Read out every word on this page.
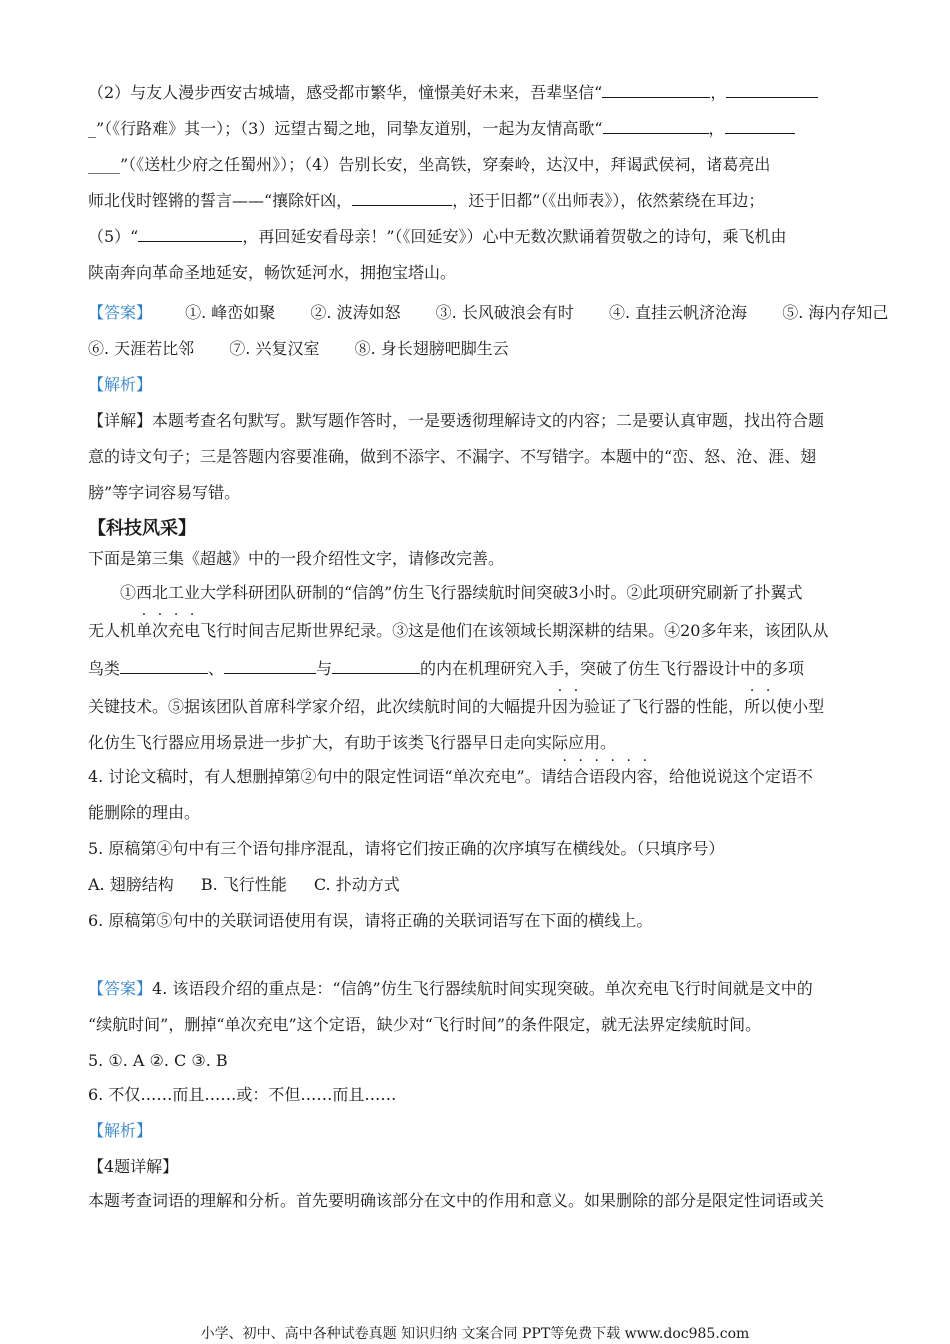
（2）与友人漫步西安古城墙，感受都市繁华，憧憬美好未来，吾辈坚信“	，
_”（《行路难》其一）；（3）远望古蜀之地，同挚友道别，一起为友情高歌“	，
____”（《送杜少府之任蜀州》）；（4）告别长安，坐高铁，穿秦岭，达汉中，拜谒武侯祠，诸葛亮出
师北伐时铿锵的誓言——“攘除奸凶，	，还于旧都”（《出师表》），依然萦绕在耳边；
（5）“	，再回延安看母亲！”（《回延安》）心中无数次默诵着贺敬之的诗句，乘飞机由
陕南奔向革命圣地延安，畅饮延河水，拥抱宝塔山。
【答案】 ①. 峰峦如聚 ②. 波涛如怒 ③. 长风破浪会有时 ④. 直挂云帆济沧海 ⑤. 海内存知己
⑥. 天涯若比邻 ⑦. 兴复汉室 ⑧. 身长翅膀吧脚生云
【解析】
【详解】本题考查名句默写。默写题作答时，一是要透彻理解诗文的内容；二是要认真审题，找出符合题
意的诗文句子；三是答题内容要准确，做到不添字、不漏字、不写错字。本题中的“峦、怒、沧、涯、翅
膀”等字词容易写错。
【科技风采】
下面是第三集《超越》中的一段介绍性文字，请修改完善。
①西北工业大学科研团队研制的“信鸽”仿生飞行器续航时间突破3小时。②此项研究刷新了扑翼式
无人机单次充电飞行时间吉尼斯世界纪录。③这是他们在该领域长期深耕的结果。④20多年来，该团队从
鸟类	、	与	的内在机理研究入手，突破了仿生飞行器设计中的多项
关键技术。⑤据该团队首席科学家介绍，此次续航时间的大幅提升因为验证了飞行器的性能，所以使小型
化仿生飞行器应用场景进一步扩大，有助于该类飞行器早日走向实际应用。
4. 讨论文稿时，有人想删掉第②句中的限定性词语“单次充电”。请结合语段内容，给他说说这个定语不
能删除的理由。
5. 原稿第④句中有三个语句排序混乱，请将它们按正确的次序填写在横线处。（只填序号）
A. 翅膀结构 B. 飞行性能 C. 扑动方式
6. 原稿第⑤句中的关联词语使用有误，请将正确的关联词语写在下面的横线上。
【答案】4. 该语段介绍的重点是：“信鸽”仿生飞行器续航时间实现突破。单次充电飞行时间就是文中的
“续航时间”，删掉“单次充电”这个定语，缺少对“飞行时间”的条件限定，就无法界定续航时间。
5. ①. A ②. C ③. B
6. 不仅……而且……或：不但……而且……
【解析】
【4题详解】
本题考查词语的理解和分析。首先要明确该部分在文中的作用和意义。如果删除的部分是限定性词语或关
小学、初中、高中各种试卷真题 知识归纳 文案合同 PPT等免费下载 www.doc985.com
